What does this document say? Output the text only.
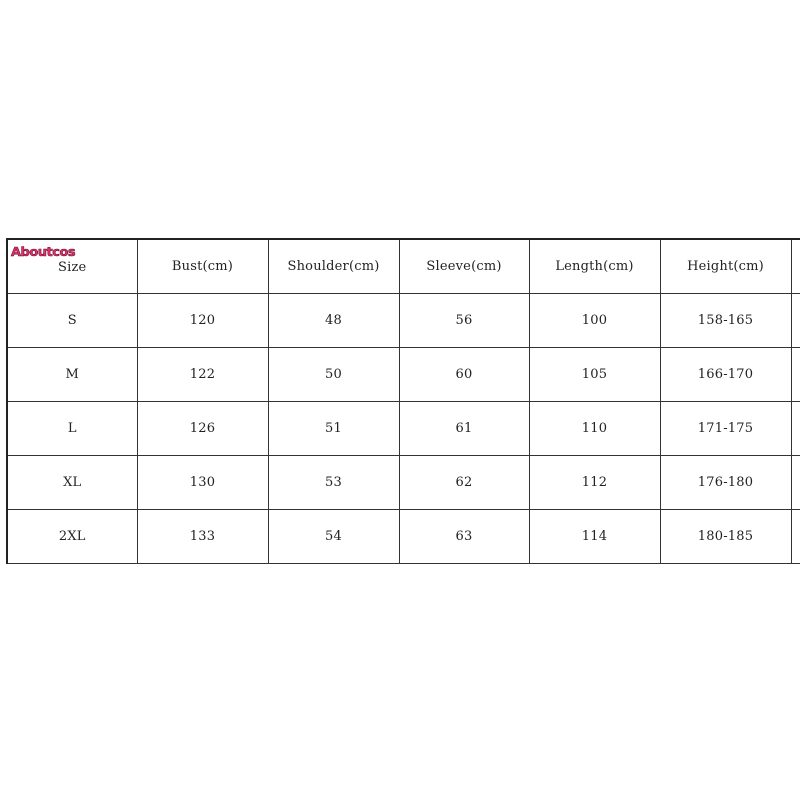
Aboutcos
Size	Bust(cm)	Shoulder(cm)	Sleeve(cm)	Length(cm)	Height(cm)	
S	120	48	56	100	158-165	
M	122	50	60	105	166-170	
L	126	51	61	110	171-175	
XL	130	53	62	112	176-180	
2XL	133	54	63	114	180-185	
